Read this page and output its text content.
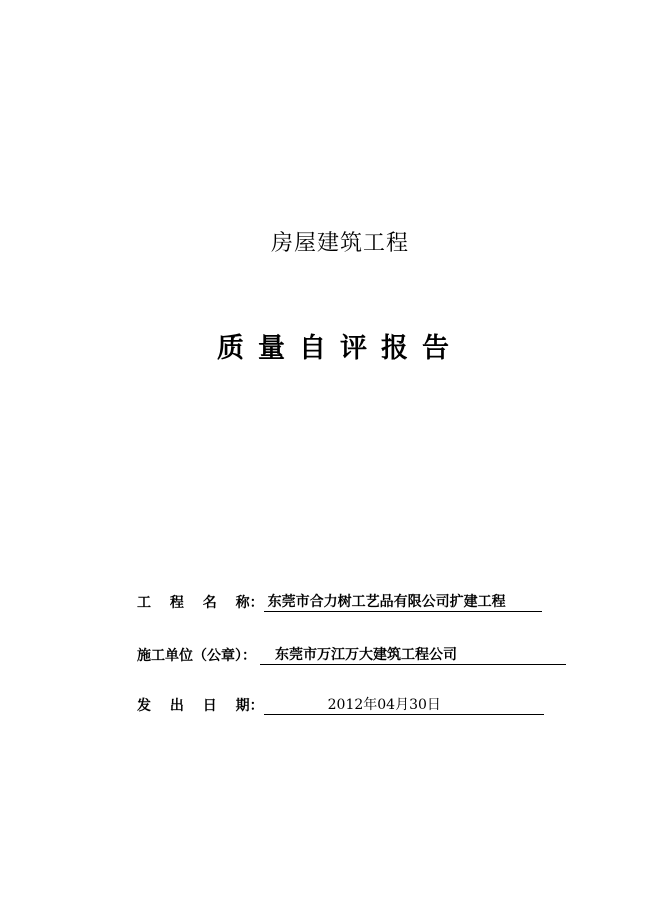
房屋建筑工程
质量自评报告
工 程 名 称 ： 东莞市合力树工艺品有限公司扩建工程
施工单位（公章）：	东莞市万江万大建筑工程公司
发 出 日 期 ：	2012年04月30日
